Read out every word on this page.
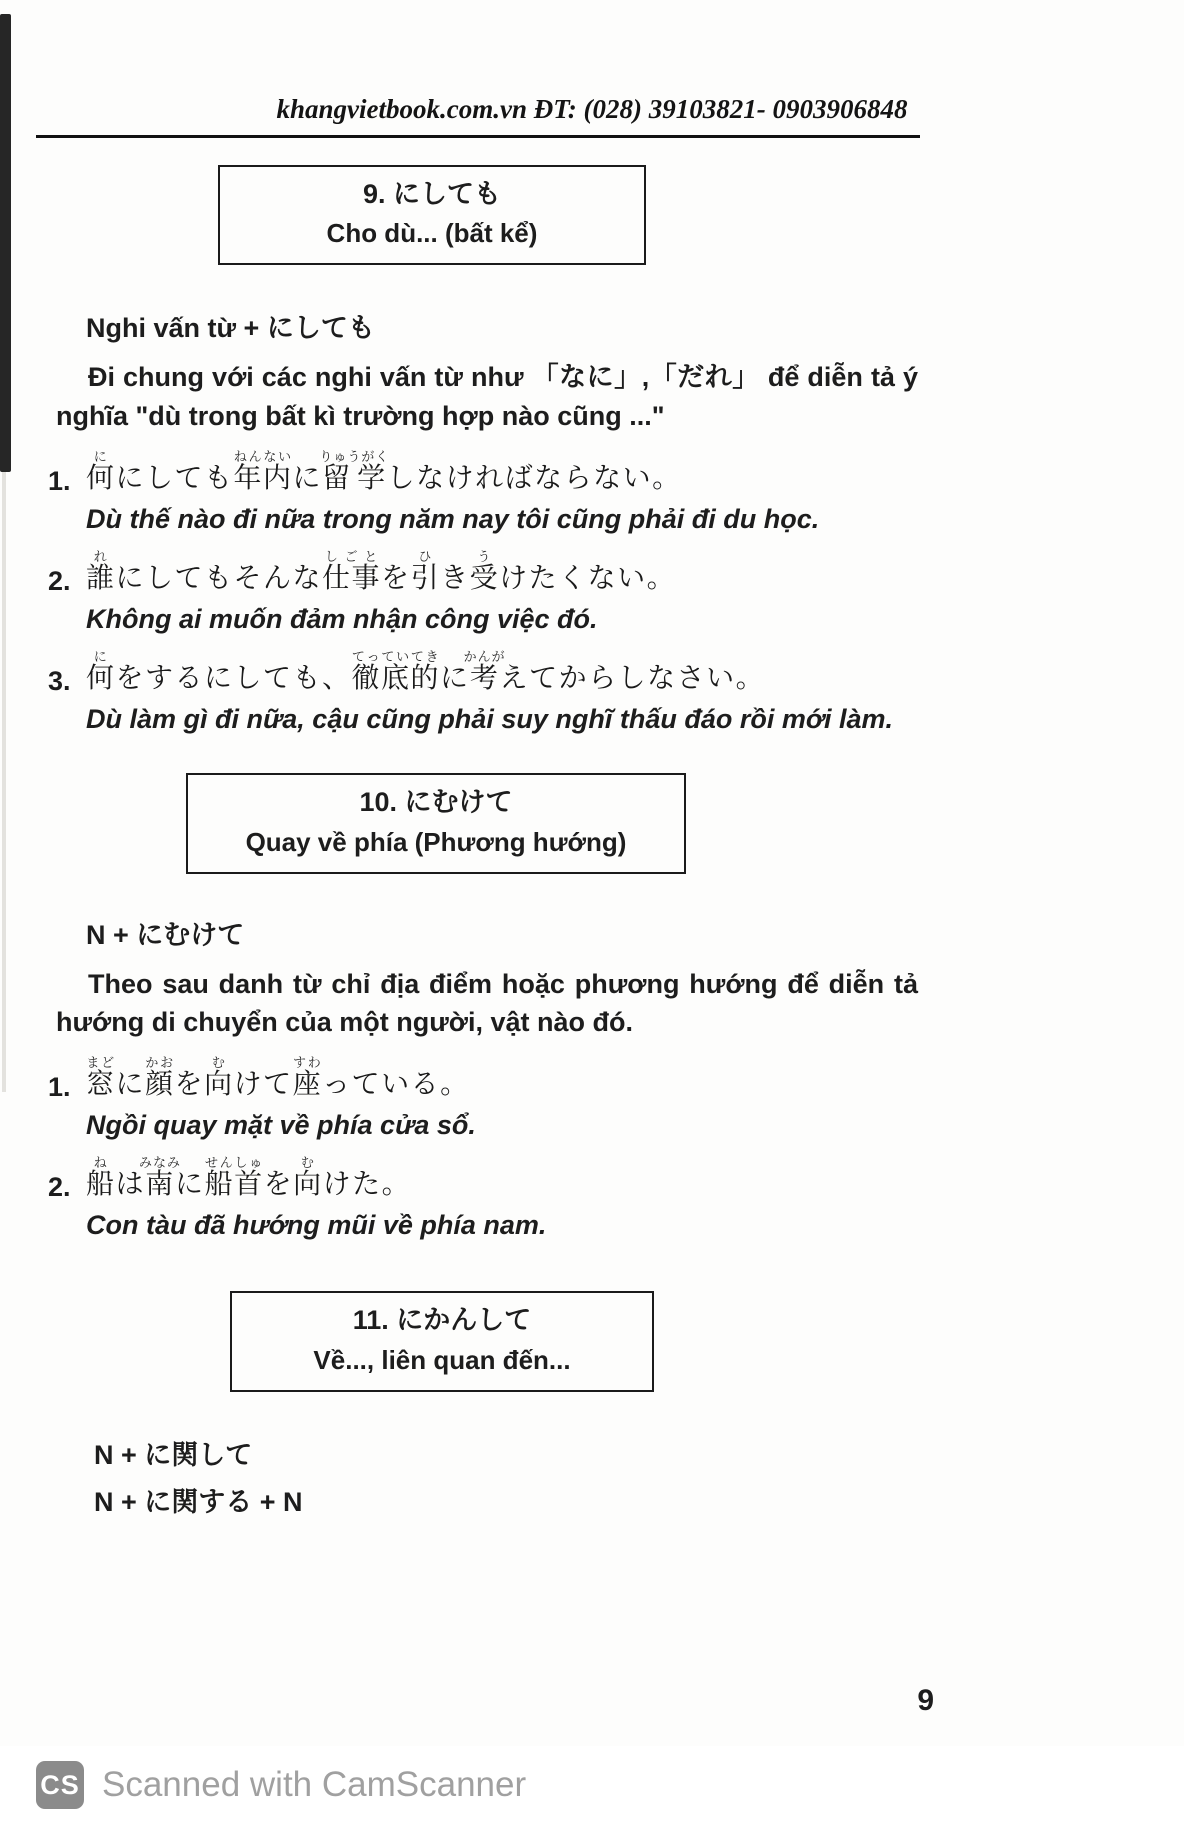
khangvietbook.com.vn ĐT: (028) 39103821- 0903906848
9. にしても
Cho dù... (bất kể)
Nghi vấn từ + にしても
Đi chung với các nghi vấn từ như 「なに」,「だれ」 để diễn tả ý nghĩa "dù trong bất kì trường hợp nào cũng ..."
1. 何ににしても年内ねんないに留学りゅうがくしなければならない。
Dù thế nào đi nữa trong năm nay tôi cũng phải đi du học.
2. 誰れにしてもそんな仕事しごとを引ひき受うけたくない。
Không ai muốn đảm nhận công việc đó.
3. 何にをするにしても、徹底的てっていてきに考かんがえてからしなさい。
Dù làm gì đi nữa, cậu cũng phải suy nghĩ thấu đáo rồi mới làm.
10. にむけて
Quay về phía (Phương hướng)
N + にむけて
Theo sau danh từ chỉ địa điểm hoặc phương hướng để diễn tả hướng di chuyển của một người, vật nào đó.
1. 窓まどに顔かおを向むけて座すわっている。
Ngồi quay mặt về phía cửa sổ.
2. 船ねは南みなみに船首せんしゅを向むけた。
Con tàu đã hướng mũi về phía nam.
11. にかんして
Về..., liên quan đến...
N + に関して
N + に関する + N
9
CS Scanned with CamScanner
